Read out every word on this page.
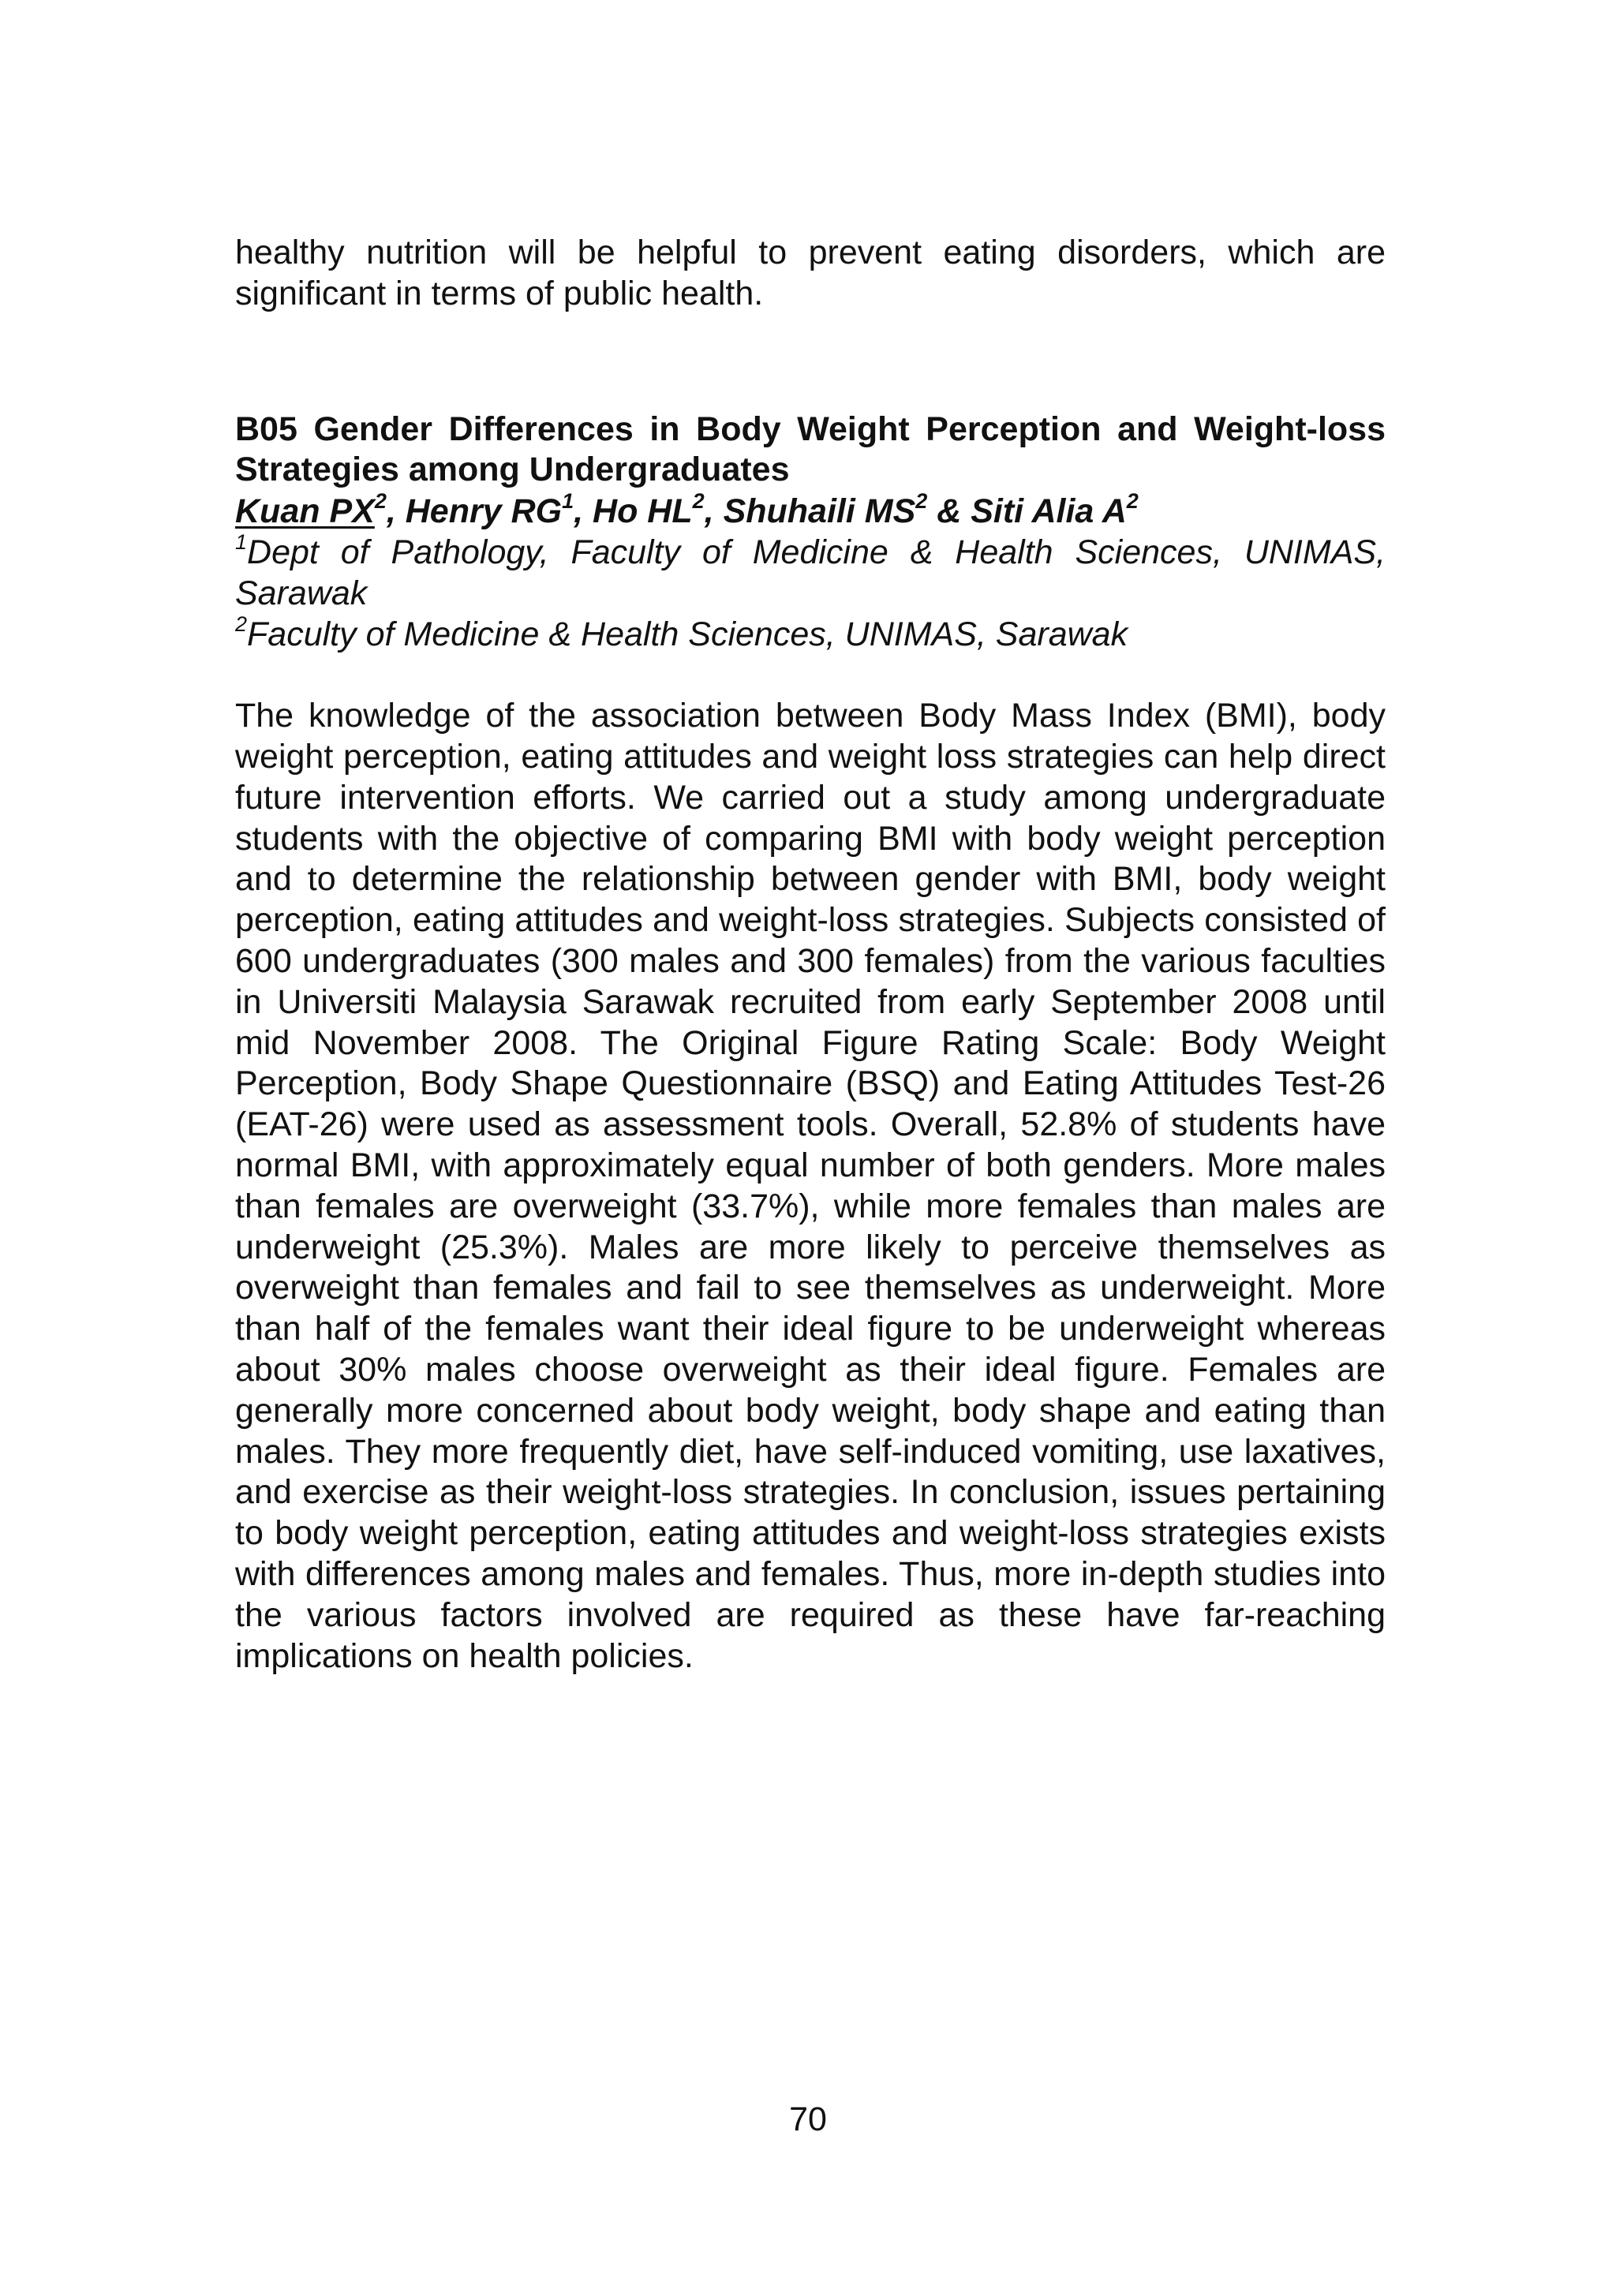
healthy nutrition will be helpful to prevent eating disorders, which are significant in terms of public health.

B05 Gender Differences in Body Weight Perception and Weight-loss Strategies among Undergraduates
Kuan $PX^2$, Henry $RG^1$, Ho $HL^2$, Shuhaili $MS^2$ & Siti Alia $A^2$
$^1$Dept of Pathology, Faculty of Medicine & Health Sciences, UNIMAS, Sarawak
$^2$Faculty of Medicine & Health Sciences, UNIMAS, Sarawak

The knowledge of the association between Body Mass Index (BMI), body weight perception, eating attitudes and weight loss strategies can help direct future intervention efforts. We carried out a study among undergraduate students with the objective of comparing BMI with body weight perception and to determine the relationship between gender with BMI, body weight perception, eating attitudes and weight-loss strategies. Subjects consisted of 600 undergraduates (300 males and 300 females) from the various faculties in Universiti Malaysia Sarawak recruited from early September 2008 until mid November 2008. The Original Figure Rating Scale: Body Weight Perception, Body Shape Questionnaire (BSQ) and Eating Attitudes Test-26 (EAT-26) were used as assessment tools. Overall, 52.8% of students have normal BMI, with approximately equal number of both genders. More males than females are overweight (33.7%), while more females than males are underweight (25.3%). Males are more likely to perceive themselves as overweight than females and fail to see themselves as underweight. More than half of the females want their ideal figure to be underweight whereas about 30% males choose overweight as their ideal figure. Females are generally more concerned about body weight, body shape and eating than males. They more frequently diet, have self-induced vomiting, use laxatives, and exercise as their weight-loss strategies. In conclusion, issues pertaining to body weight perception, eating attitudes and weight-loss strategies exists with differences among males and females. Thus, more in-depth studies into the various factors involved are required as these have far-reaching implications on health policies.

70
